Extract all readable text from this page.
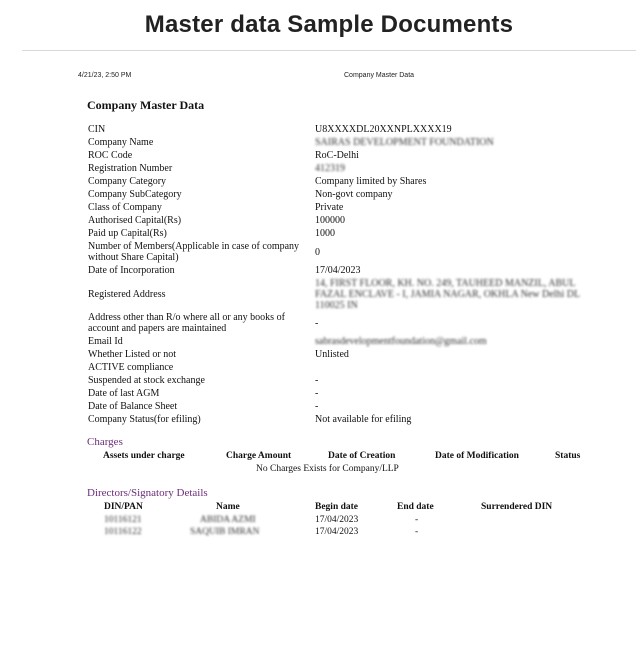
Master data Sample Documents
4/21/23, 2:50 PM	Company Master Data
Company Master Data
CIN	U8XXXXDL20XXNPLXXXX19
Company Name	SAIRAS DEVELOPMENT FOUNDATION
ROC Code	RoC-Delhi
Registration Number	412319
Company Category	Company limited by Shares
Company SubCategory	Non-govt company
Class of Company	Private
Authorised Capital(Rs)	100000
Paid up Capital(Rs)	1000
Number of Members(Applicable in case of company without Share Capital)	0
Date of Incorporation	17/04/2023
Registered Address	14, FIRST FLOOR, KH. NO. 249, TAUHEED MANZIL, ABUL FAZAL ENCLAVE - I, JAMIA NAGAR, OKHLA New Delhi DL 110025 IN
Address other than R/o where all or any books of account and papers are maintained	-
Email Id	sabrasdevelopmentfoundation@gmail.com
Whether Listed or not	Unlisted
ACTIVE compliance	
Suspended at stock exchange	-
Date of last AGM	-
Date of Balance Sheet	-
Company Status(for efiling)	Not available for efiling
Charges
Assets under charge	Charge Amount	Date of Creation	Date of Modification	Status
No Charges Exists for Company/LLP
Directors/Signatory Details
DIN/PAN	Name	Begin date	End date	Surrendered DIN
10116121	ABIDA AZMI	17/04/2023	-
10116122	SAQUIB IMRAN	17/04/2023	-
